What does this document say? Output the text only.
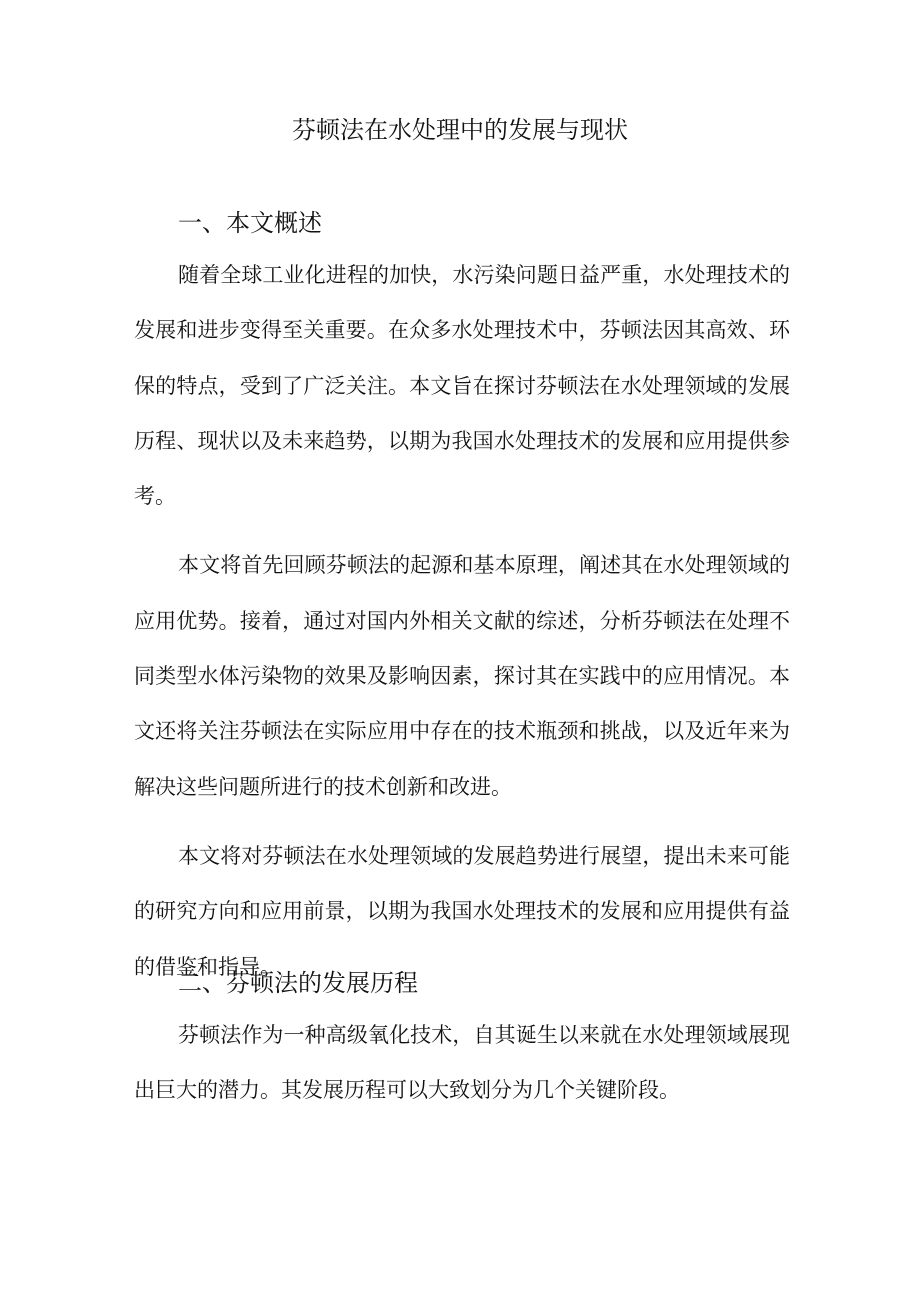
芬顿法在水处理中的发展与现状
一、本文概述

随着全球工业化进程的加快，水污染问题日益严重，水处理技术的发展和进步变得至关重要。在众多水处理技术中，芬顿法因其高效、环保的特点，受到了广泛关注。本文旨在探讨芬顿法在水处理领域的发展历程、现状以及未来趋势，以期为我国水处理技术的发展和应用提供参考。

本文将首先回顾芬顿法的起源和基本原理，阐述其在水处理领域的应用优势。接着，通过对国内外相关文献的综述，分析芬顿法在处理不同类型水体污染物的效果及影响因素，探讨其在实践中的应用情况。本文还将关注芬顿法在实际应用中存在的技术瓶颈和挑战，以及近年来为解决这些问题所进行的技术创新和改进。

本文将对芬顿法在水处理领域的发展趋势进行展望，提出未来可能的研究方向和应用前景，以期为我国水处理技术的发展和应用提供有益的借鉴和指导。

二、芬顿法的发展历程

芬顿法作为一种高级氧化技术，自其诞生以来就在水处理领域展现出巨大的潜力。其发展历程可以大致划分为几个关键阶段。
